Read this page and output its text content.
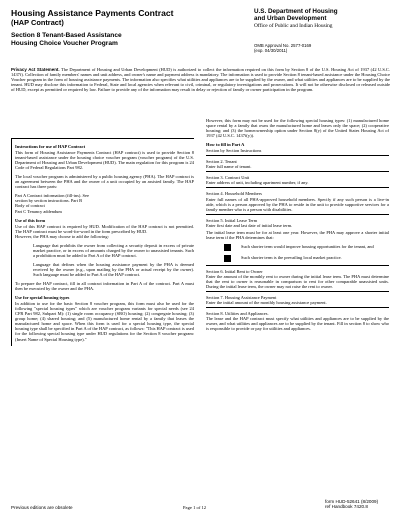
Housing Assistance Payments Contract
(HAP Contract)
Section 8 Tenant-Based Assistance
Housing Choice Voucher Program
U.S. Department of Housing
and Urban Development
Office of Public and Indian Housing
OMB Approval No. 2577-0169
(exp. 04/30/2011)
Privacy Act Statement. The Department of Housing and Urban Development (HUD) is authorized to collect the information required on this form by Section 8 of the U.S. Housing Act of 1937 (42 U.S.C. 1437f). Collection of family members' names and unit address, and owner's name and payment address is mandatory. The information is used to provide Section 8 tenant-based assistance under the Housing Choice Voucher program in the form of housing assistance payments. The information also specifies what utilities and appliances are to be supplied by the owner, and what utilities and appliances are to be supplied by the tenant. HUD may disclose this information to Federal, State and local agencies when relevant to civil, criminal, or regulatory investigations and prosecutions. It will not be otherwise disclosed or released outside of HUD, except as permitted or required by law. Failure to provide any of the information may result in delay or rejection of family or owner participation in the program.
Instructions for use of HAP Contract
This form of Housing Assistance Payments Contract (HAP contract) is used to provide Section 8 tenant-based assistance under the housing choice voucher program (voucher program) of the U.S. Department of Housing and Urban Development (HUD). The main regulation for this program is 24 Code of Federal Regulations Part 982.
The local voucher program is administered by a public housing agency (PHA). The HAP contract is an agreement between the PHA and the owner of a unit occupied by an assisted family. The HAP contract has three parts:
Part A Contract information (fill-ins). See
section by section instructions. Part B
Body of contract
Part C Tenancy addendum
Use of this form
Use of this HAP contract is required by HUD. Modification of the HAP contract is not permitted. The HAP contract must be word-for-word in the form prescribed by HUD.
However, the PHA may choose to add the following:
Language that prohibits the owner from collecting a security deposit in excess of private market practice, or in excess of amounts charged by the owner to unassisted tenants. Such a prohibition must be added to Part A of the HAP contract.
Language that defines when the housing assistance payment by the PHA is deemed received by the owner (e.g., upon mailing by the PHA or actual receipt by the owner). Such language must be added to Part A of the HAP contract.
To prepare the HAP contract, fill in all contract information in Part A of the contract. Part A must then be executed by the owner and the PHA.
Use for special housing types
In addition to use for the basic Section 8 voucher program, this form must also be used for the following "special housing types" which are voucher program variants for special needs (see 24 CFR Part 982, Subpart M): (1) single room occupancy (SRO) housing; (2) congregate housing; (3) group home; (4) shared housing; and (5) manufactured home rental by a family that leases the manufactured home and space. When this form is used for a special housing type, the special housing type shall be specified in Part A of the HAP contract, as follows: "This HAP contract is used for the following special housing type under HUD regulations for the Section 8 voucher program: (Insert Name of Special Housing type)."
However, this form may not be used for the following special housing types: (1) manufactured home space rental by a family that owns the manufactured home and leases only the space; (2) cooperative housing; and (3) the homeownership option under Section 8(y) of the United States Housing Act of 1937 (42 U.S.C. 1437f(y)).
How to fill in Part A
Section by Section Instructions
Section 2. Tenant
Enter full name of tenant.
Section 3. Contract Unit
Enter address of unit, including apartment number, if any.
Section 4. Household Members
Enter full names of all PHA-approved household members. Specify if any such person is a live-in aide, which is a person approved by the PHA to reside in the unit to provide supportive services for a family member who is a person with disabilities.
Section 5. Initial Lease Term
Enter first date and last date of initial lease term.
The initial lease term must be for at least one year. However, the PHA may approve a shorter initial lease term if the PHA determines that:
Such shorter term would improve housing opportunities for the tenant, and
Such shorter term is the prevailing local market practice.
Section 6. Initial Rent to Owner
Enter the amount of the monthly rent to owner during the initial lease term. The PHA must determine that the rent to owner is reasonable in comparison to rent for other comparable unassisted units. During the initial lease term, the owner may not raise the rent to owner.
Section 7. Housing Assistance Payment
Enter the initial amount of the monthly housing assistance payment.
Section 8. Utilities and Appliances.
The lease and the HAP contract must specify what utilities and appliances are to be supplied by the owner, and what utilities and appliances are to be supplied by the tenant. Fill in section 8 to show who is responsible to provide or pay for utilities and appliances.
Previous editions are obsolete	Page 1 of 12
form HUD-52641 (8/2009)
ref Handbook 7420.8
